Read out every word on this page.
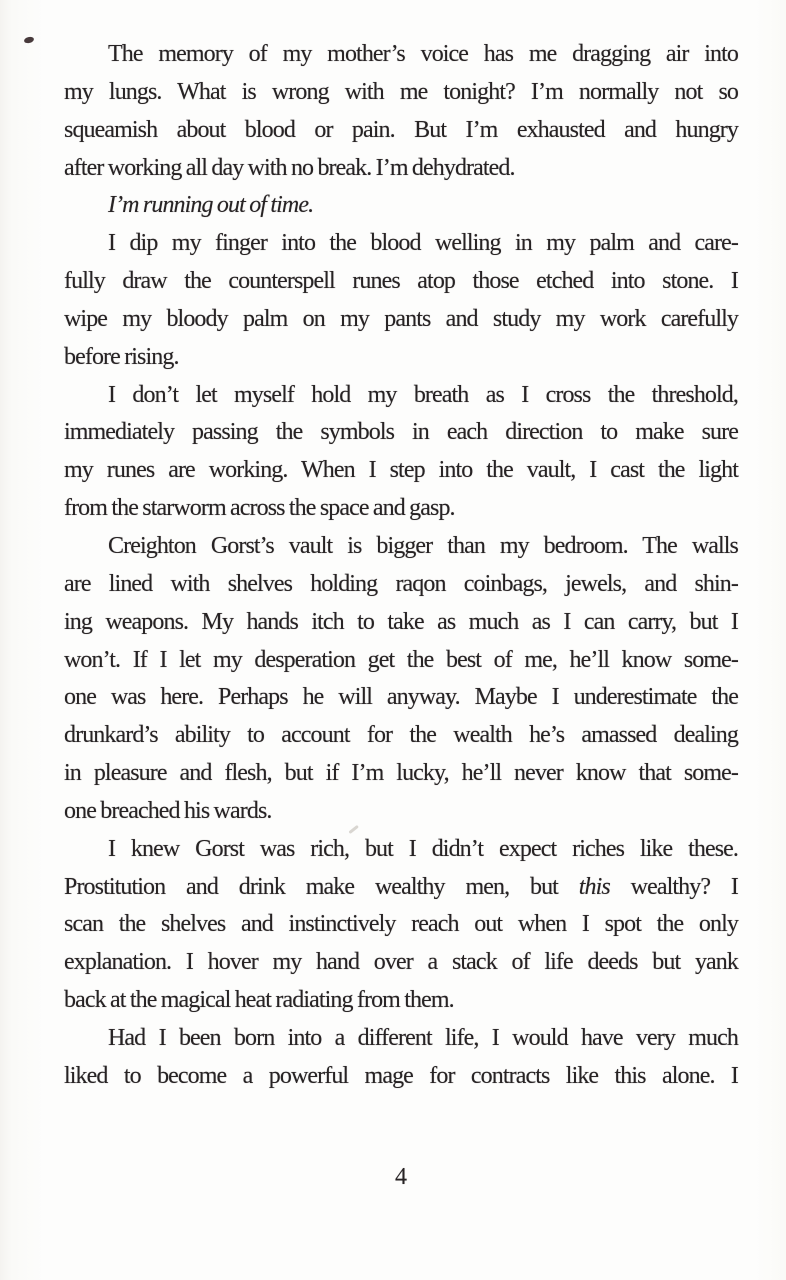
The memory of my mother’s voice has me dragging air into
my lungs. What is wrong with me tonight? I’m normally not so
squeamish about blood or pain. But I’m exhausted and hungry
after working all day with no break. I’m dehydrated.
I’m running out of time.
I dip my finger into the blood welling in my palm and care-
fully draw the counterspell runes atop those etched into stone. I
wipe my bloody palm on my pants and study my work carefully
before rising.
I don’t let myself hold my breath as I cross the threshold,
immediately passing the symbols in each direction to make sure
my runes are working. When I step into the vault, I cast the light
from the starworm across the space and gasp.
Creighton Gorst’s vault is bigger than my bedroom. The walls
are lined with shelves holding raqon coinbags, jewels, and shin-
ing weapons. My hands itch to take as much as I can carry, but I
won’t. If I let my desperation get the best of me, he’ll know some-
one was here. Perhaps he will anyway. Maybe I underestimate the
drunkard’s ability to account for the wealth he’s amassed dealing
in pleasure and flesh, but if I’m lucky, he’ll never know that some-
one breached his wards.
I knew Gorst was rich, but I didn’t expect riches like these.
Prostitution and drink make wealthy men, but this wealthy? I
scan the shelves and instinctively reach out when I spot the only
explanation. I hover my hand over a stack of life deeds but yank
back at the magical heat radiating from them.
Had I been born into a different life, I would have very much
liked to become a powerful mage for contracts like this alone. I
4
